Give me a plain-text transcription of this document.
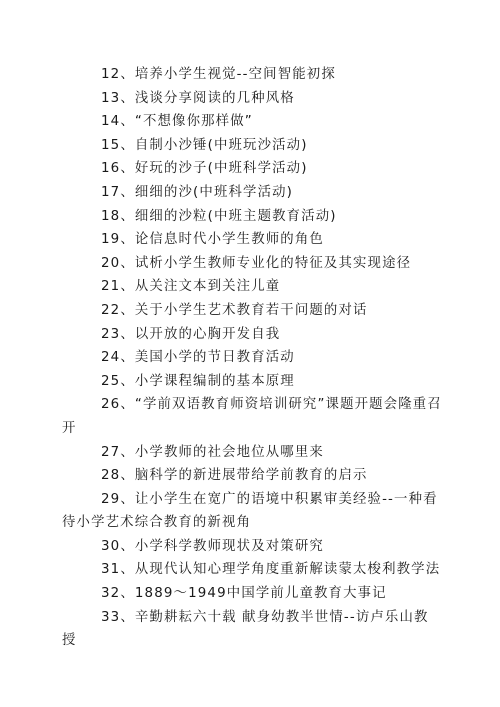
12、培养小学生视觉--空间智能初探
13、浅谈分享阅读的几种风格
14、“不想像你那样做”
15、自制小沙锤(中班玩沙活动)
16、好玩的沙子(中班科学活动)
17、细细的沙(中班科学活动)
18、细细的沙粒(中班主题教育活动)
19、论信息时代小学生教师的角色
20、试析小学生教师专业化的特征及其实现途径
21、从关注文本到关注儿童
22、关于小学生艺术教育若干问题的对话
23、以开放的心胸开发自我
24、美国小学的节日教育活动
25、小学课程编制的基本原理
26、“学前双语教育师资培训研究”课题开题会隆重召开
27、小学教师的社会地位从哪里来
28、脑科学的新进展带给学前教育的启示
29、让小学生在宽广的语境中积累审美经验--一种看待小学艺术综合教育的新视角
30、小学科学教师现状及对策研究
31、从现代认知心理学角度重新解读蒙太梭利教学法
32、1889～1949中国学前儿童教育大事记
33、辛勤耕耘六十载 献身幼教半世情--访卢乐山教授
